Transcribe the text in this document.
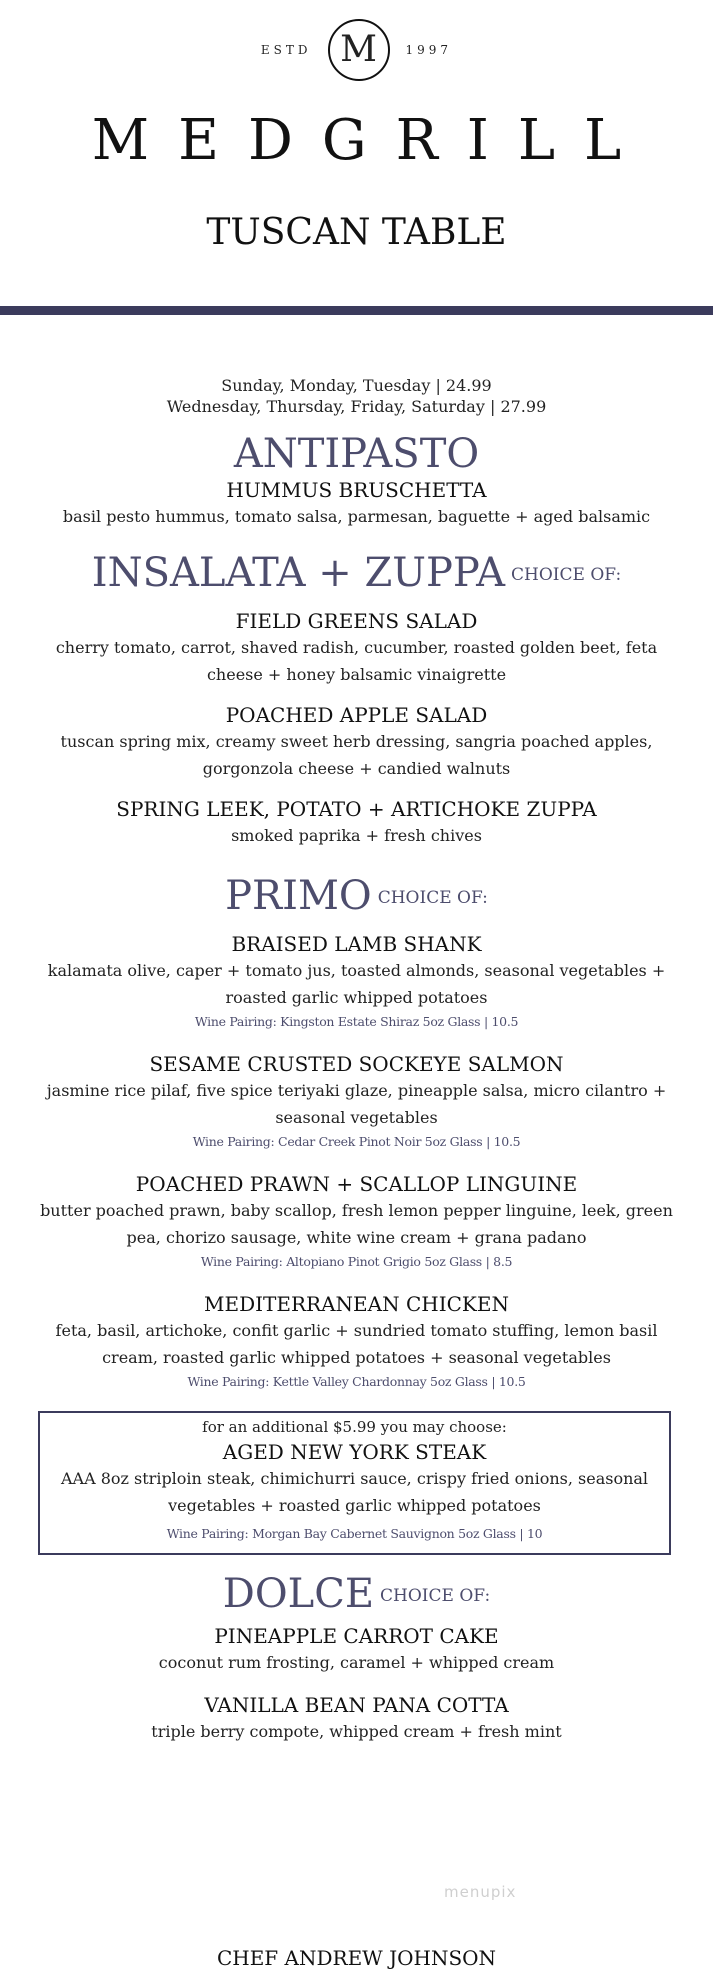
ESTD M 1997
MEDGRILL
TUSCAN TABLE
Sunday, Monday, Tuesday | 24.99
Wednesday, Thursday, Friday, Saturday | 27.99
ANTIPASTO
HUMMUS BRUSCHETTA
basil pesto hummus, tomato salsa, parmesan, baguette + aged balsamic
INSALATA + ZUPPA CHOICE OF:
FIELD GREENS SALAD
cherry tomato, carrot, shaved radish, cucumber, roasted golden beet, feta cheese + honey balsamic vinaigrette
POACHED APPLE SALAD
tuscan spring mix, creamy sweet herb dressing, sangria poached apples, gorgonzola cheese + candied walnuts
SPRING LEEK, POTATO + ARTICHOKE ZUPPA
smoked paprika + fresh chives
PRIMO CHOICE OF:
BRAISED LAMB SHANK
kalamata olive, caper + tomato jus, toasted almonds, seasonal vegetables + roasted garlic whipped potatoes
Wine Pairing: Kingston Estate Shiraz 5oz Glass | 10.5
SESAME CRUSTED SOCKEYE SALMON
jasmine rice pilaf, five spice teriyaki glaze, pineapple salsa, micro cilantro + seasonal vegetables
Wine Pairing: Cedar Creek Pinot Noir 5oz Glass | 10.5
POACHED PRAWN + SCALLOP LINGUINE
butter poached prawn, baby scallop, fresh lemon pepper linguine, leek, green pea, chorizo sausage, white wine cream + grana padano
Wine Pairing: Altopiano Pinot Grigio 5oz Glass | 8.5
MEDITERRANEAN CHICKEN
feta, basil, artichoke, confit garlic + sundried tomato stuffing, lemon basil cream, roasted garlic whipped potatoes + seasonal vegetables
Wine Pairing: Kettle Valley Chardonnay 5oz Glass | 10.5
for an additional $5.99 you may choose:
AGED NEW YORK STEAK
AAA 8oz striploin steak, chimichurri sauce, crispy fried onions, seasonal vegetables + roasted garlic whipped potatoes
Wine Pairing: Morgan Bay Cabernet Sauvignon 5oz Glass | 10
DOLCE CHOICE OF:
PINEAPPLE CARROT CAKE
coconut rum frosting, caramel + whipped cream
VANILLA BEAN PANA COTTA
triple berry compote, whipped cream + fresh mint
menupix
CHEF ANDREW JOHNSON
